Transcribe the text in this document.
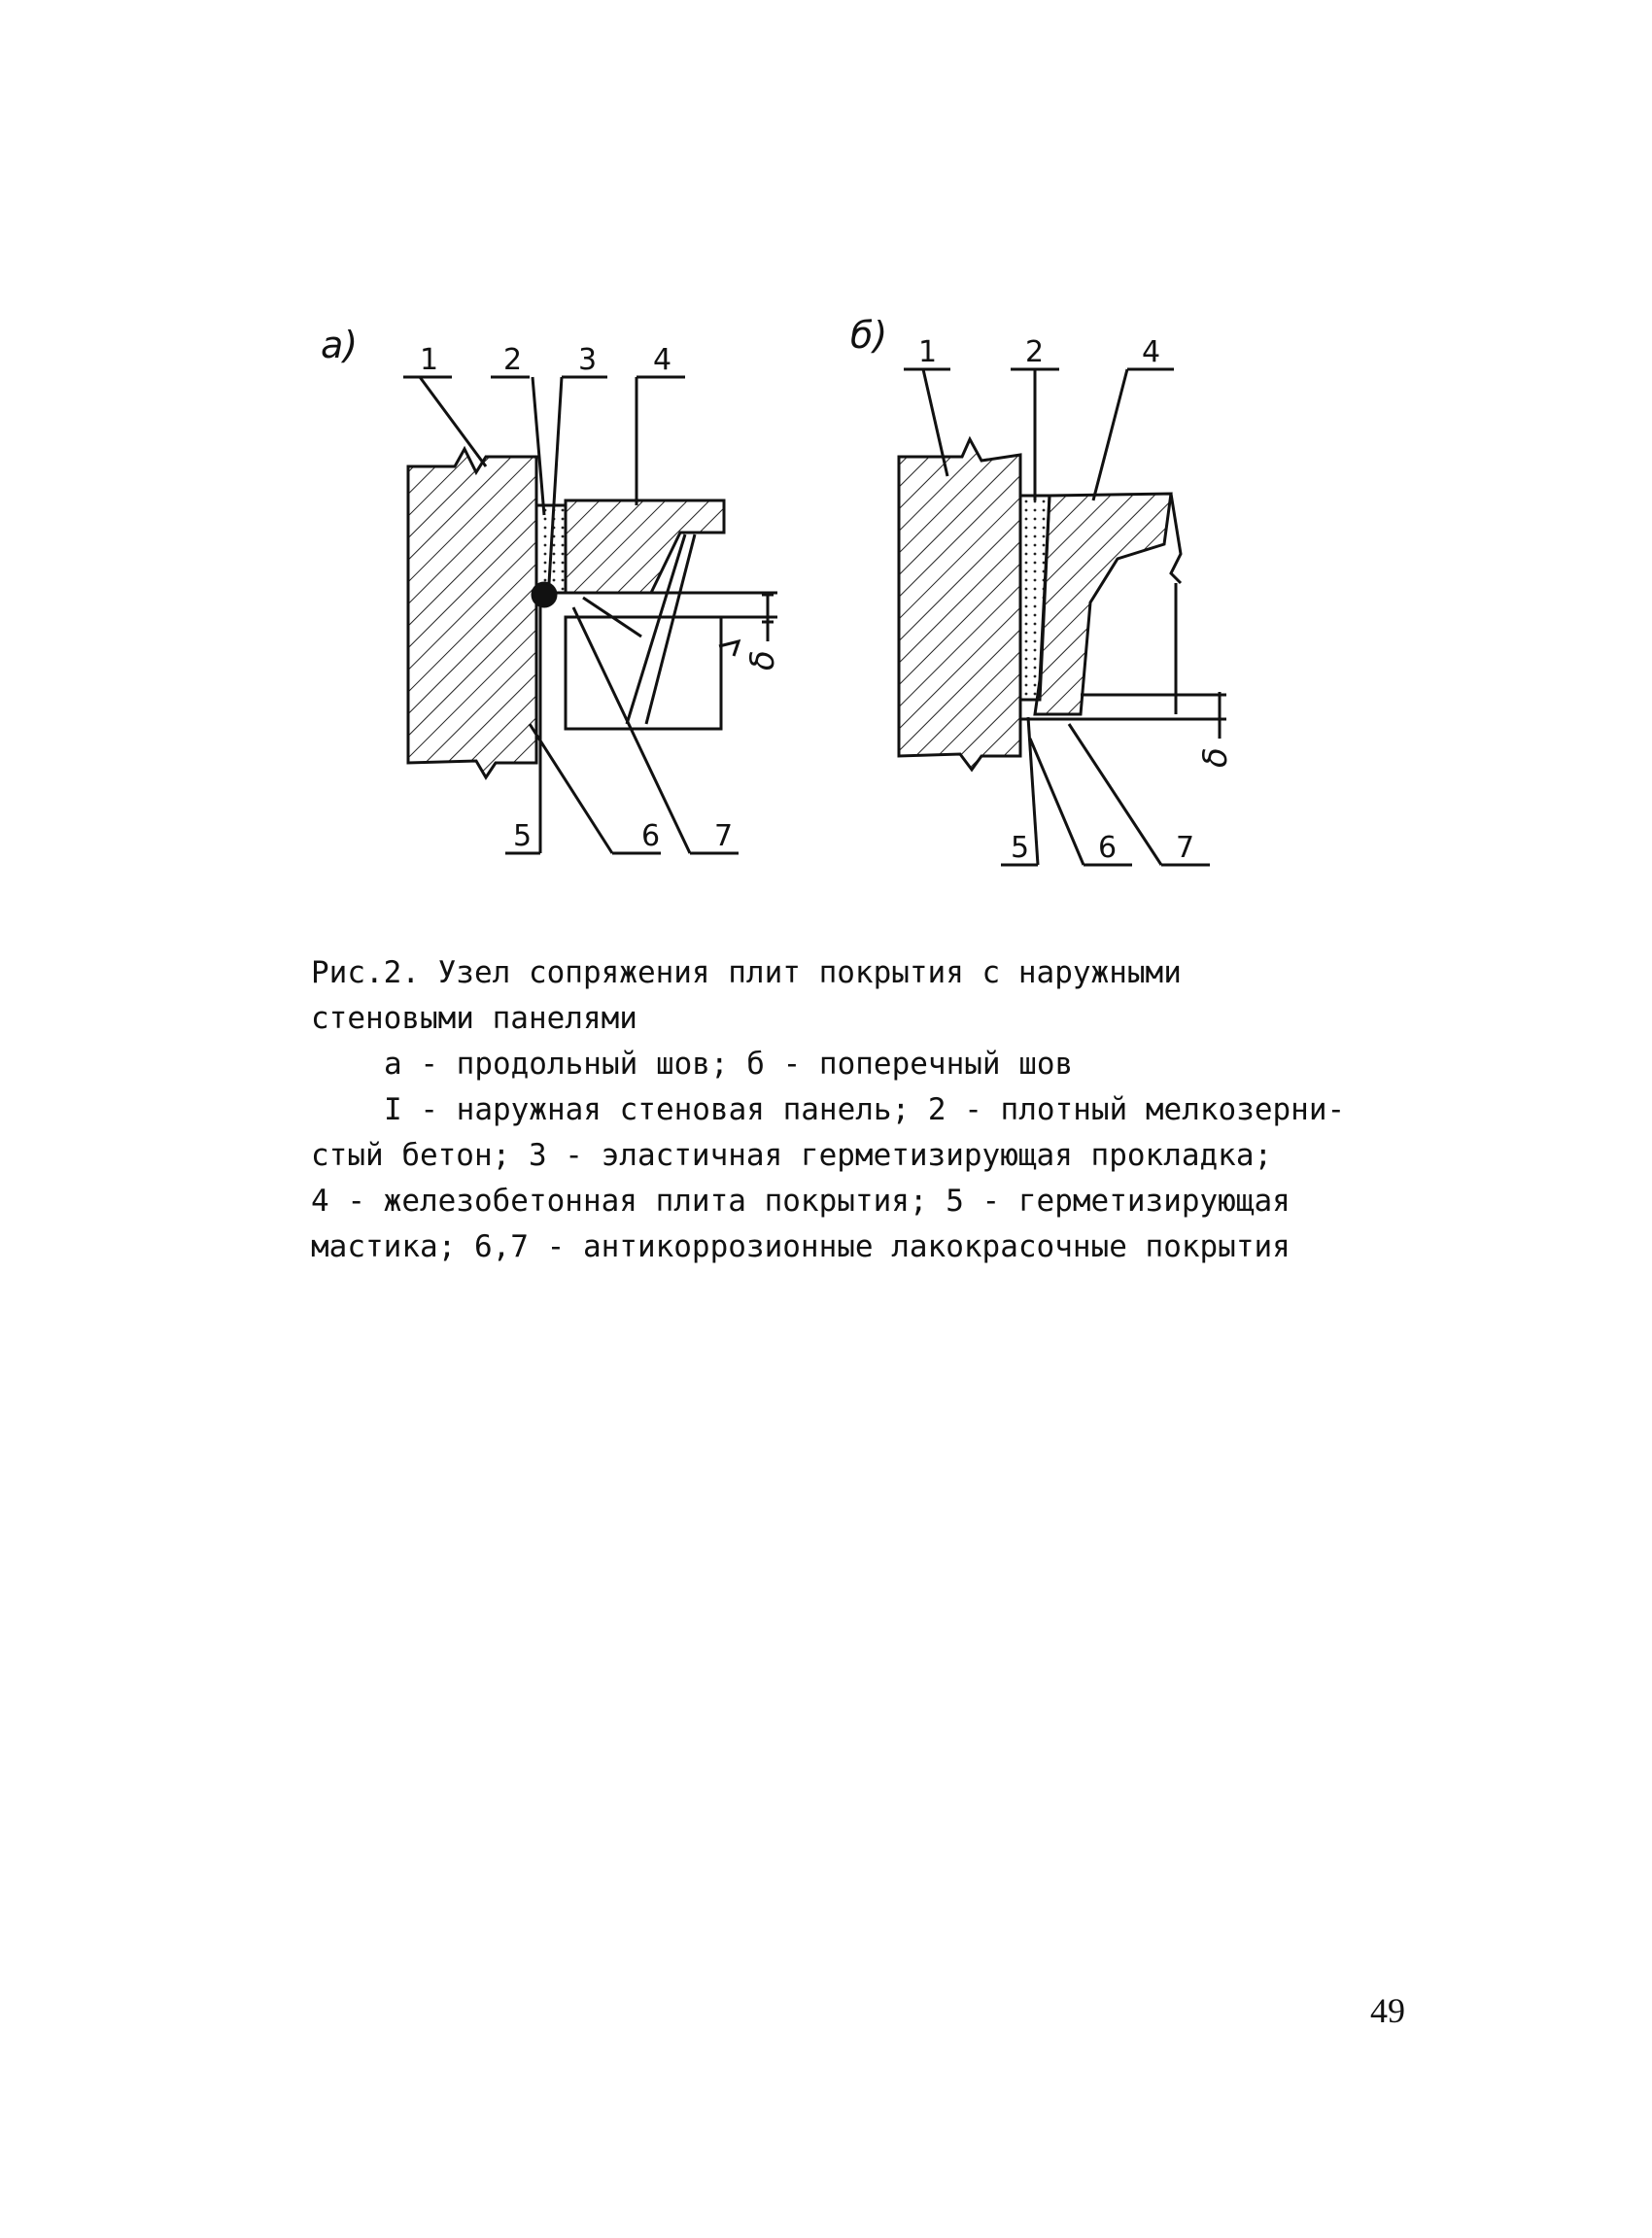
а)
δ
1 2 3 4
5	6 7
б)
δ
1	2	4
5 6 7
Рис.2. Узел сопряжения плит покрытия с наружными
стеновыми панелями
а - продольный шов; б - поперечный шов
I - наружная стеновая панель; 2 - плотный мелкозерни-
стый бетон; 3 - эластичная герметизирующая прокладка;
4 - железобетонная плита покрытия; 5 - герметизирующая
мастика; 6,7 - антикоррозионные лакокрасочные покрытия
49
